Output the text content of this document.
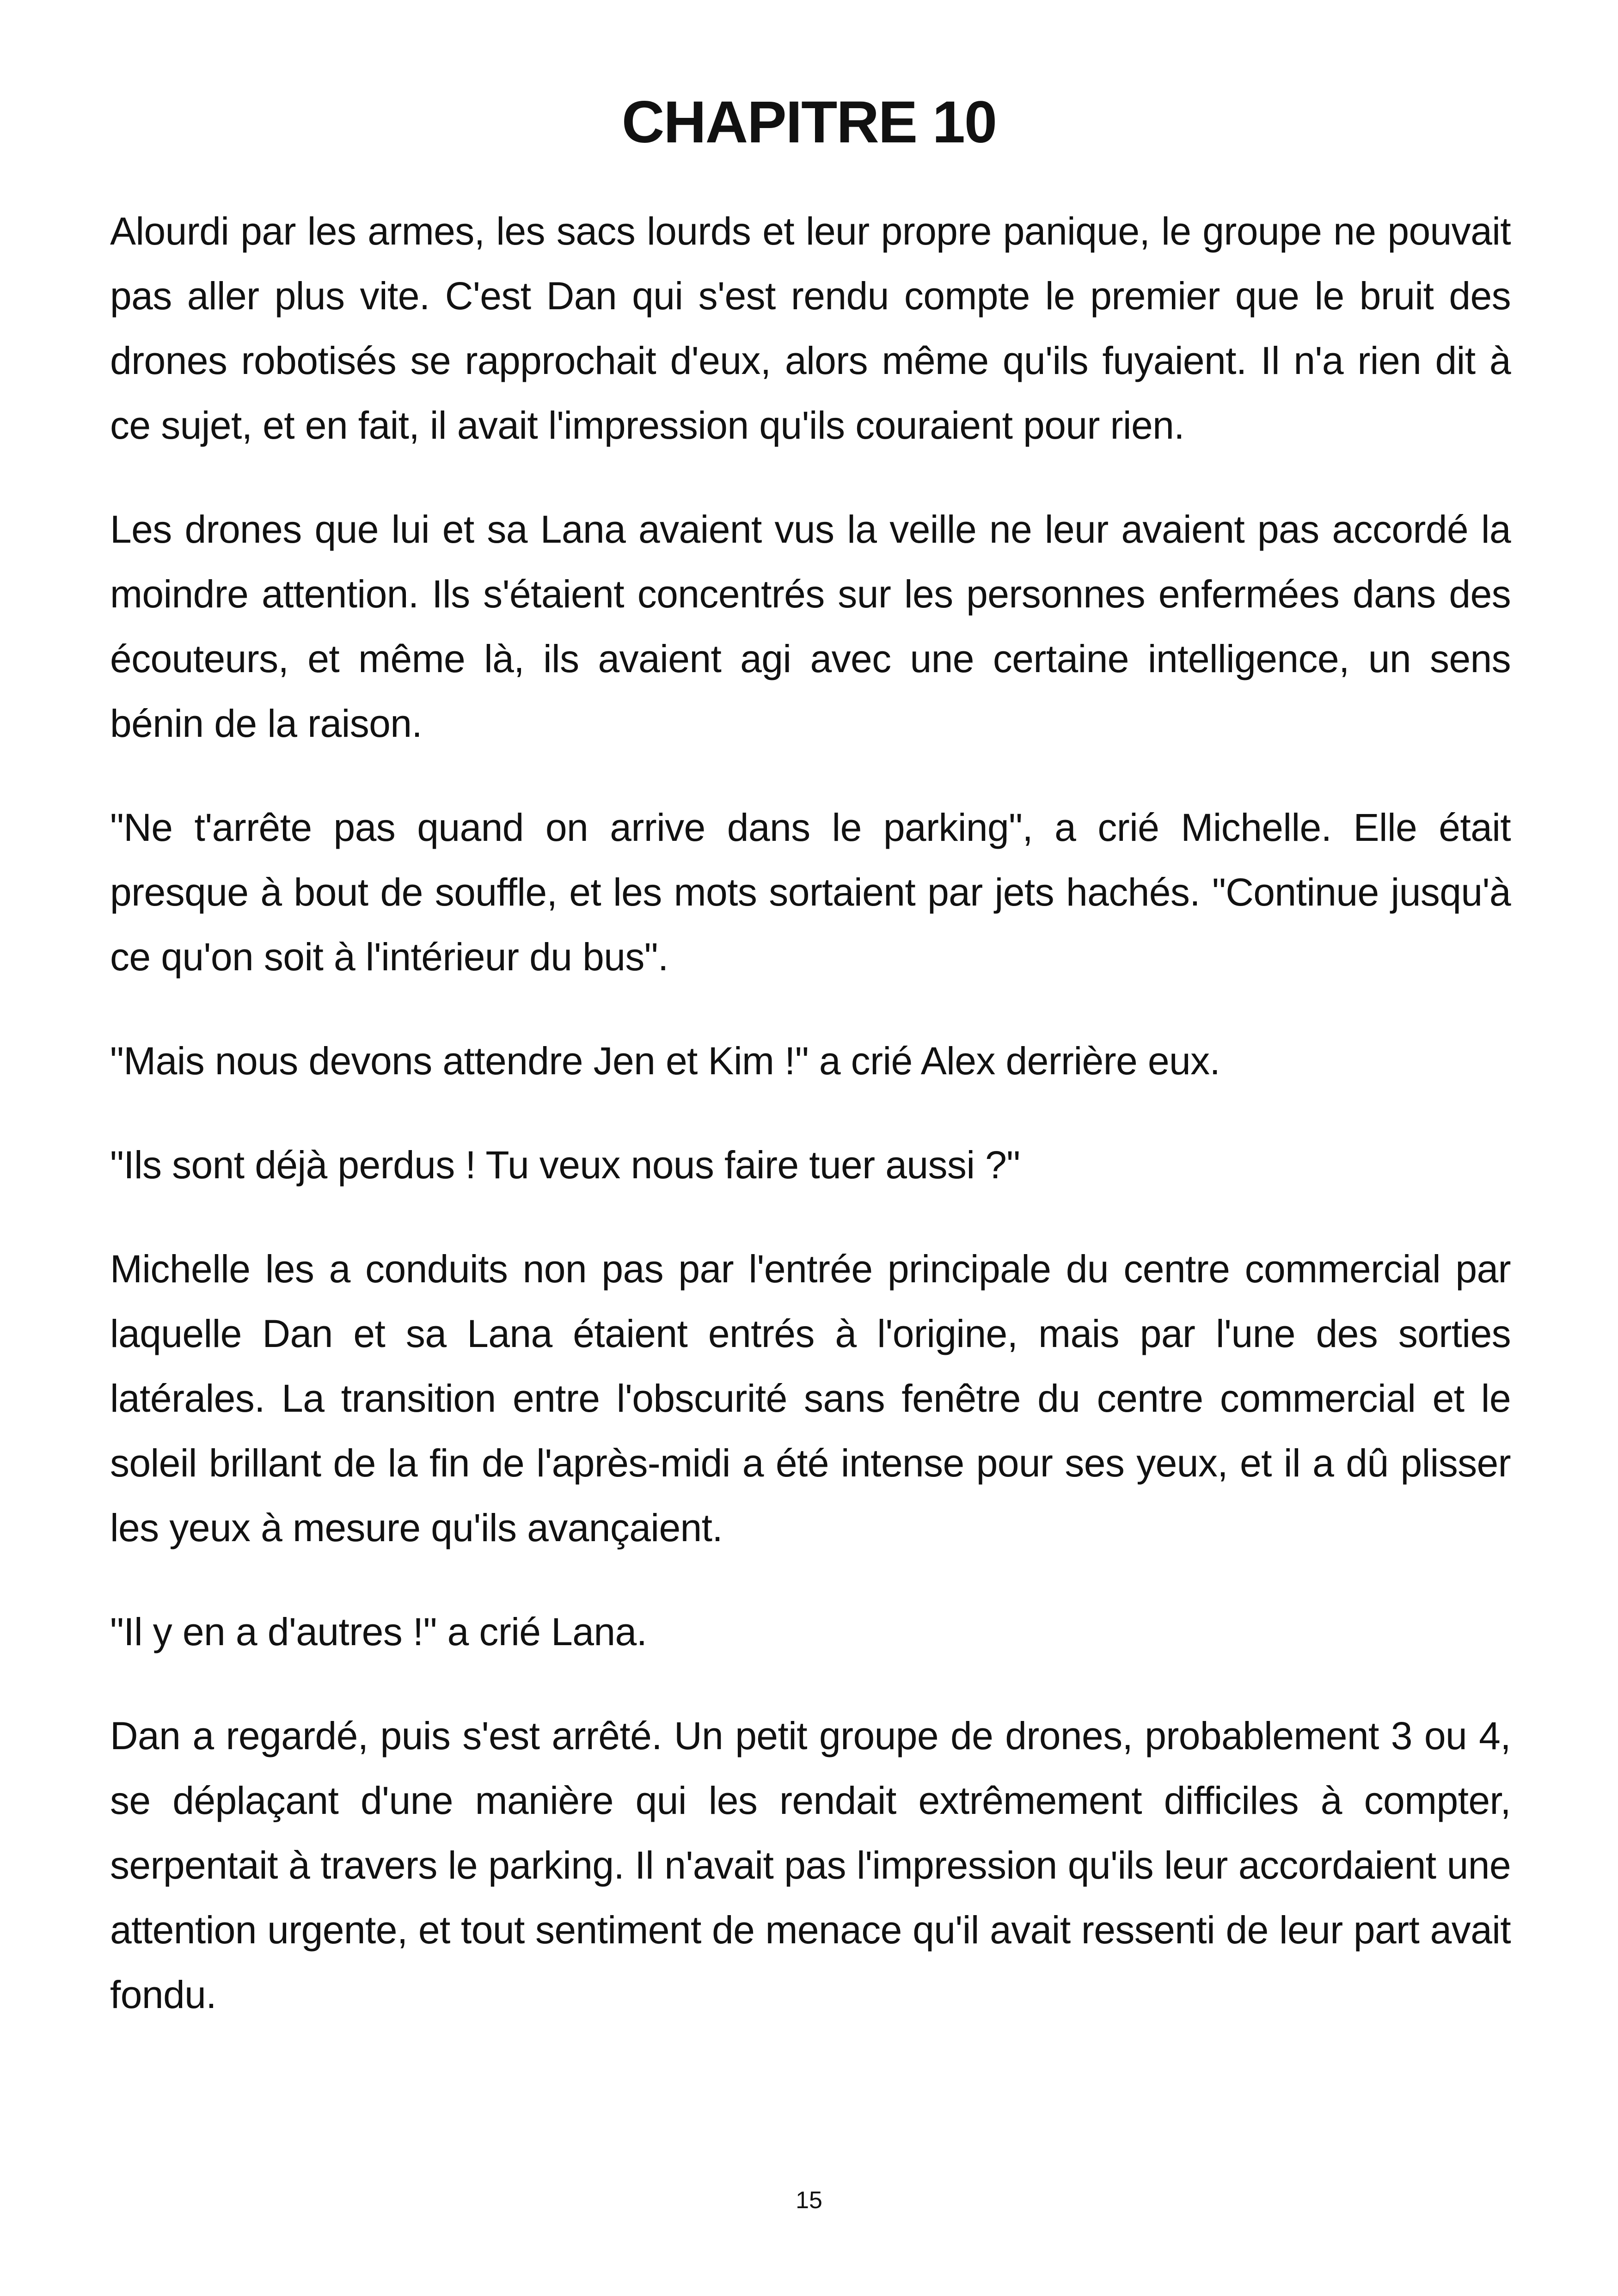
CHAPITRE 10

Alourdi par les armes, les sacs lourds et leur propre panique, le groupe ne pouvait pas aller plus vite. C'est Dan qui s'est rendu compte le premier que le bruit des drones robotisés se rapprochait d'eux, alors même qu'ils fuyaient. Il n'a rien dit à ce sujet, et en fait, il avait l'impression qu'ils couraient pour rien.

Les drones que lui et sa Lana avaient vus la veille ne leur avaient pas accordé la moindre attention. Ils s'étaient concentrés sur les personnes enfermées dans des écouteurs, et même là, ils avaient agi avec une certaine intelligence, un sens bénin de la raison.

"Ne t'arrête pas quand on arrive dans le parking", a crié Michelle. Elle était presque à bout de souffle, et les mots sortaient par jets hachés. "Continue jusqu'à ce qu'on soit à l'intérieur du bus".

"Mais nous devons attendre Jen et Kim !" a crié Alex derrière eux.

"Ils sont déjà perdus ! Tu veux nous faire tuer aussi ?"

Michelle les a conduits non pas par l'entrée principale du centre commercial par laquelle Dan et sa Lana étaient entrés à l'origine, mais par l'une des sorties latérales. La transition entre l'obscurité sans fenêtre du centre commercial et le soleil brillant de la fin de l'après-midi a été intense pour ses yeux, et il a dû plisser les yeux à mesure qu'ils avançaient.

"Il y en a d'autres !" a crié Lana.

Dan a regardé, puis s'est arrêté. Un petit groupe de drones, probablement 3 ou 4, se déplaçant d'une manière qui les rendait extrêmement difficiles à compter, serpentait à travers le parking. Il n'avait pas l'impression qu'ils leur accordaient une attention urgente, et tout sentiment de menace qu'il avait ressenti de leur part avait fondu.

15
